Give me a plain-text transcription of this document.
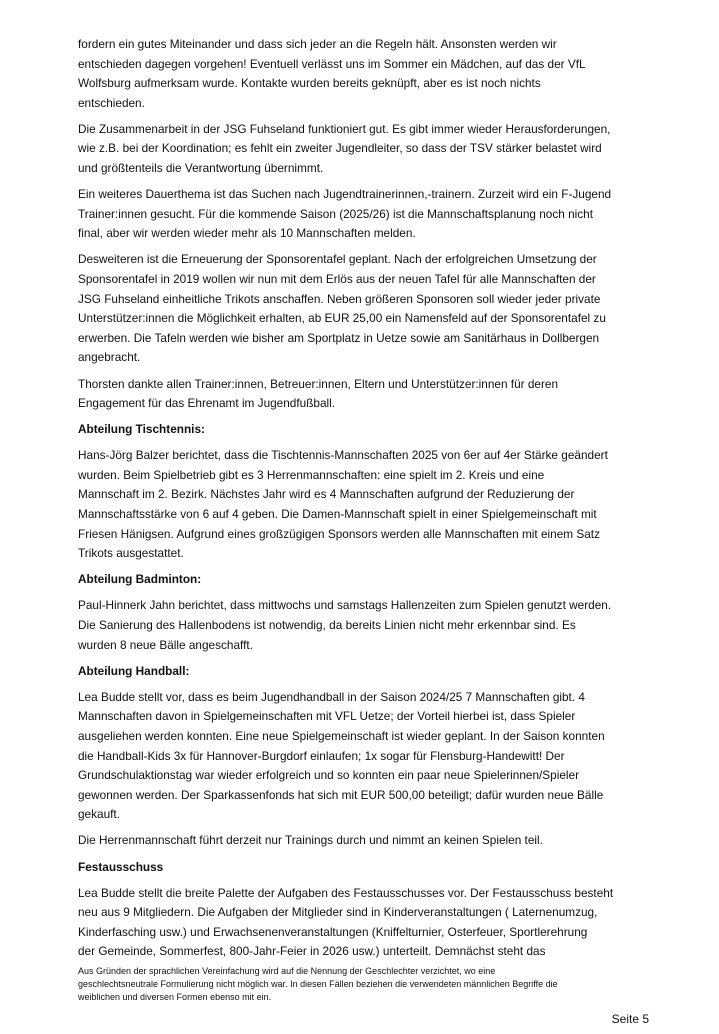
fordern ein gutes Miteinander und dass sich jeder an die Regeln hält. Ansonsten werden wir
entschieden dagegen vorgehen! Eventuell verlässt uns im Sommer ein Mädchen, auf das der VfL
Wolfsburg aufmerksam wurde. Kontakte wurden bereits geknüpft, aber es ist noch nichts
entschieden.
Die Zusammenarbeit in der JSG Fuhseland funktioniert gut. Es gibt immer wieder Herausforderungen,
wie z.B. bei der Koordination; es fehlt ein zweiter Jugendleiter, so dass der TSV stärker belastet wird
und größtenteils die Verantwortung übernimmt.
Ein weiteres Dauerthema ist das Suchen nach Jugendtrainerinnen,-trainern. Zurzeit wird ein F-Jugend
Trainer:innen gesucht. Für die kommende Saison (2025/26) ist die Mannschaftsplanung noch nicht
final, aber wir werden wieder mehr als 10 Mannschaften melden.
Desweiteren ist die Erneuerung der Sponsorentafel geplant. Nach der erfolgreichen Umsetzung der
Sponsorentafel in 2019 wollen wir nun mit dem Erlös aus der neuen Tafel für alle Mannschaften der
JSG Fuhseland einheitliche Trikots anschaffen. Neben größeren Sponsoren soll wieder jeder private
Unterstützer:innen die Möglichkeit erhalten, ab EUR 25,00 ein Namensfeld auf der Sponsorentafel zu
erwerben. Die Tafeln werden wie bisher am Sportplatz in Uetze sowie am Sanitärhaus in Dollbergen
angebracht.
Thorsten dankte allen Trainer:innen, Betreuer:innen, Eltern und Unterstützer:innen für deren
Engagement für das Ehrenamt im Jugendfußball.
Abteilung Tischtennis:
Hans-Jörg Balzer berichtet, dass die Tischtennis-Mannschaften 2025 von 6er auf 4er Stärke geändert
wurden. Beim Spielbetrieb gibt es 3 Herrenmannschaften: eine spielt im 2. Kreis und eine
Mannschaft im 2. Bezirk. Nächstes Jahr wird es 4 Mannschaften aufgrund der Reduzierung der
Mannschaftsstärke von 6 auf 4 geben. Die Damen-Mannschaft spielt in einer Spielgemeinschaft mit
Friesen Hänigsen. Aufgrund eines großzügigen Sponsors werden alle Mannschaften mit einem Satz
Trikots ausgestattet.
Abteilung Badminton:
Paul-Hinnerk Jahn berichtet, dass mittwochs und samstags Hallenzeiten zum Spielen genutzt werden.
Die Sanierung des Hallenbodens ist notwendig, da bereits Linien nicht mehr erkennbar sind. Es
wurden 8 neue Bälle angeschafft.
Abteilung Handball:
Lea Budde stellt vor, dass es beim Jugendhandball in der Saison 2024/25 7 Mannschaften gibt. 4
Mannschaften davon in Spielgemeinschaften mit VFL Uetze; der Vorteil hierbei ist, dass Spieler
ausgeliehen werden konnten. Eine neue Spielgemeinschaft ist wieder geplant. In der Saison konnten
die Handball-Kids 3x für Hannover-Burgdorf einlaufen; 1x sogar für Flensburg-Handewitt! Der
Grundschulaktionstag war wieder erfolgreich und so konnten ein paar neue Spielerinnen/Spieler
gewonnen werden. Der Sparkassenfonds hat sich mit EUR 500,00 beteiligt; dafür wurden neue Bälle
gekauft.
Die Herrenmannschaft führt derzeit nur Trainings durch und nimmt an keinen Spielen teil.
Festausschuss
Lea Budde stellt die breite Palette der Aufgaben des Festausschusses vor. Der Festausschuss besteht
neu aus 9 Mitgliedern. Die Aufgaben der Mitglieder sind in Kinderveranstaltungen ( Laternenumzug,
Kinderfasching usw.) und Erwachsenenveranstaltungen (Kniffelturnier, Osterfeuer, Sportlerehrung
der Gemeinde, Sommerfest, 800-Jahr-Feier in 2026 usw.) unterteilt. Demnächst steht das
Aus Gründen der sprachlichen Vereinfachung wird auf die Nennung der Geschlechter verzichtet, wo eine
geschlechtsneutrale Formulierung nicht möglich war. In diesen Fällen beziehen die verwendeten männlichen Begriffe die
weiblichen und diversen Formen ebenso mit ein.
Seite 5
